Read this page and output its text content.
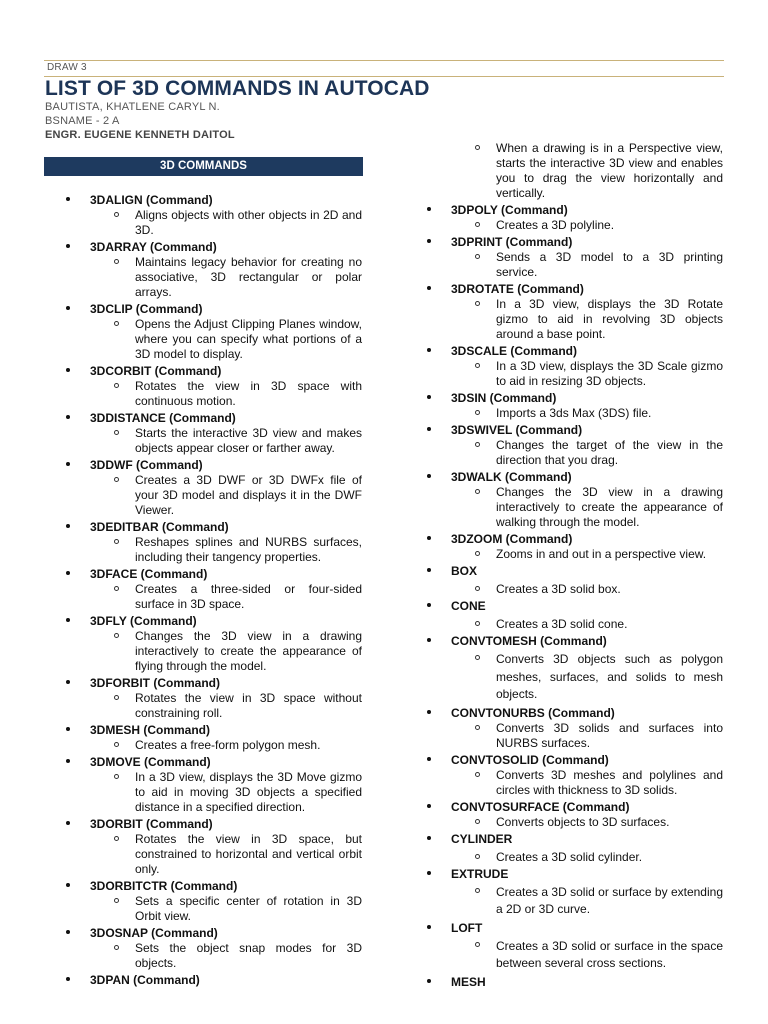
DRAW 3
LIST OF 3D COMMANDS IN AUTOCAD
BAUTISTA, KHATLENE CARYL N.
BSNAME - 2 A
ENGR. EUGENE KENNETH DAITOL
3D COMMANDS
3DALIGN (Command)
Aligns objects with other objects in 2D and 3D.
3DARRAY (Command)
Maintains legacy behavior for creating no associative, 3D rectangular or polar arrays.
3DCLIP (Command)
Opens the Adjust Clipping Planes window, where you can specify what portions of a 3D model to display.
3DCORBIT (Command)
Rotates the view in 3D space with continuous motion.
3DDISTANCE (Command)
Starts the interactive 3D view and makes objects appear closer or farther away.
3DDWF (Command)
Creates a 3D DWF or 3D DWFx file of your 3D model and displays it in the DWF Viewer.
3DEDITBAR (Command)
Reshapes splines and NURBS surfaces, including their tangency properties.
3DFACE (Command)
Creates a three-sided or four-sided surface in 3D space.
3DFLY (Command)
Changes the 3D view in a drawing interactively to create the appearance of flying through the model.
3DFORBIT (Command)
Rotates the view in 3D space without constraining roll.
3DMESH (Command)
Creates a free-form polygon mesh.
3DMOVE (Command)
In a 3D view, displays the 3D Move gizmo to aid in moving 3D objects a specified distance in a specified direction.
3DORBIT (Command)
Rotates the view in 3D space, but constrained to horizontal and vertical orbit only.
3DORBITCTR (Command)
Sets a specific center of rotation in 3D Orbit view.
3DOSNAP (Command)
Sets the object snap modes for 3D objects.
3DPAN (Command)
When a drawing is in a Perspective view, starts the interactive 3D view and enables you to drag the view horizontally and vertically.
3DPOLY (Command)
Creates a 3D polyline.
3DPRINT (Command)
Sends a 3D model to a 3D printing service.
3DROTATE (Command)
In a 3D view, displays the 3D Rotate gizmo to aid in revolving 3D objects around a base point.
3DSCALE (Command)
In a 3D view, displays the 3D Scale gizmo to aid in resizing 3D objects.
3DSIN (Command)
Imports a 3ds Max (3DS) file.
3DSWIVEL (Command)
Changes the target of the view in the direction that you drag.
3DWALK (Command)
Changes the 3D view in a drawing interactively to create the appearance of walking through the model.
3DZOOM (Command)
Zooms in and out in a perspective view.
BOX
Creates a 3D solid box.
CONE
Creates a 3D solid cone.
CONVTOMESH (Command)
Converts 3D objects such as polygon meshes, surfaces, and solids to mesh objects.
CONVTONURBS (Command)
Converts 3D solids and surfaces into NURBS surfaces.
CONVTOSOLID (Command)
Converts 3D meshes and polylines and circles with thickness to 3D solids.
CONVTOSURFACE (Command)
Converts objects to 3D surfaces.
CYLINDER
Creates a 3D solid cylinder.
EXTRUDE
Creates a 3D solid or surface by extending a 2D or 3D curve.
LOFT
Creates a 3D solid or surface in the space between several cross sections.
MESH
